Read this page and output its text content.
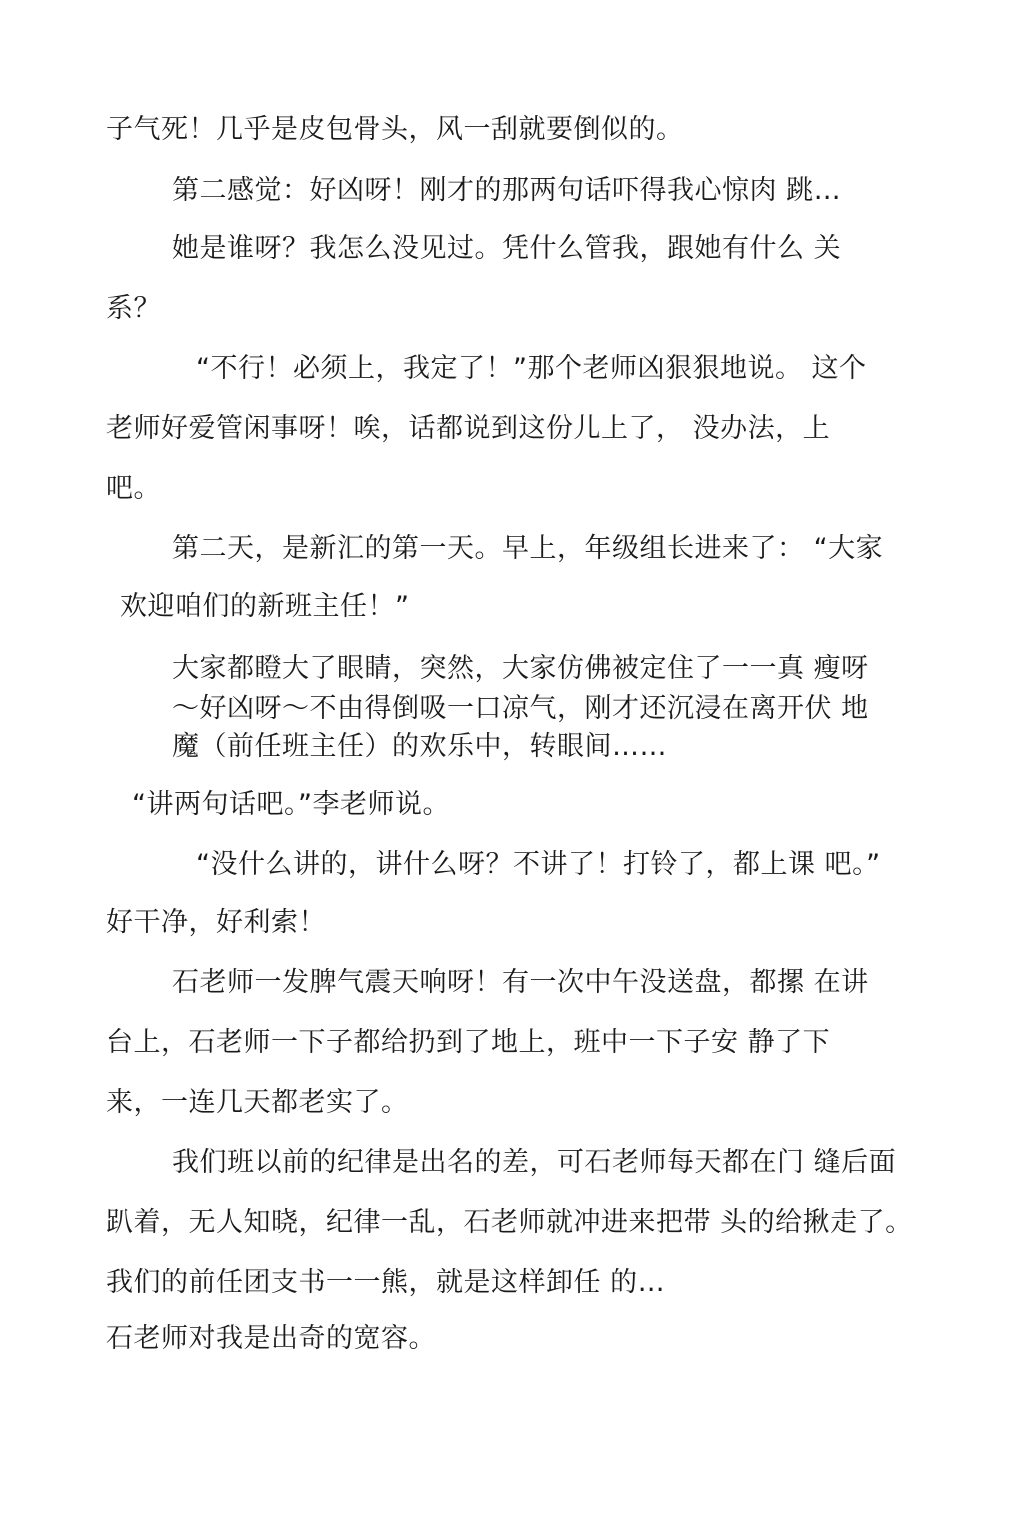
子气死！几乎是皮包骨头，风一刮就要倒似的。
第二感觉：好凶呀！刚才的那两句话吓得我心惊肉 跳…
她是谁呀？我怎么没见过。凭什么管我，跟她有什么 关
系？
“不行！必须上，我定了！”那个老师凶狠狠地说。 这个
老师好爱管闲事呀！唉，话都说到这份儿上了， 没办法，上
吧。
第二天，是新汇的第一天。早上，年级组长进来了： “大家
欢迎咱们的新班主任！”
大家都瞪大了眼睛，突然，大家仿佛被定住了一一真 瘦呀
～好凶呀～不由得倒吸一口凉气，刚才还沉浸在离开伏 地
魔（前任班主任）的欢乐中，转眼间……
“讲两句话吧。”李老师说。
“没什么讲的，讲什么呀？不讲了！打铃了，都上课 吧。”
好干净，好利索！
石老师一发脾气震天响呀！有一次中午没送盘，都摞 在讲
台上，石老师一下子都给扔到了地上，班中一下子安 静了下
来，一连几天都老实了。
我们班以前的纪律是出名的差，可石老师每天都在门 缝后面
趴着，无人知晓，纪律一乱，石老师就冲进来把带 头的给揪走了。
我们的前任团支书一一熊，就是这样卸任 的…
石老师对我是出奇的宽容。
